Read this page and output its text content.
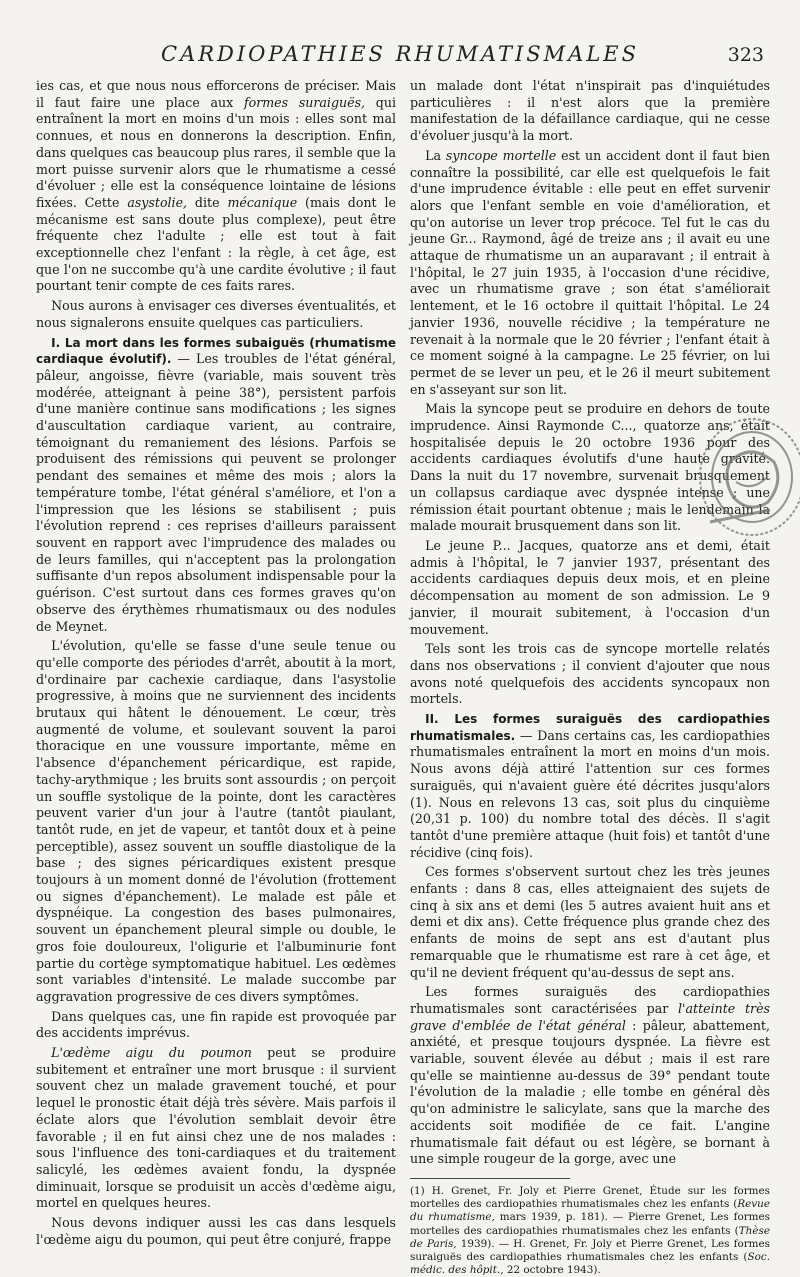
CARDIOPATHIES RHUMATISMALES	323

ies cas, et que nous nous efforcerons de préciser. Mais il faut faire une place aux formes suraiguës, qui entraînent la mort en moins d'un mois : elles sont mal connues, et nous en donnerons la description. Enfin, dans quelques cas beaucoup plus rares, il semble que la mort puisse survenir alors que le rhumatisme a cessé d'évoluer ; elle est la conséquence lointaine de lésions fixées. Cette asystolie, dite mécanique (mais dont le mécanisme est sans doute plus complexe), peut être fréquente chez l'adulte ; elle est tout à fait exceptionnelle chez l'enfant : la règle, à cet âge, est que l'on ne succombe qu'à une cardite évolutive ; il faut pourtant tenir compte de ces faits rares.

Nous aurons à envisager ces diverses éventualités, et nous signalerons ensuite quelques cas particuliers.

I. La mort dans les formes subaiguës (rhumatisme cardiaque évolutif). — Les troubles de l'état général, pâleur, angoisse, fièvre (variable, mais souvent très modérée, atteignant à peine 38°), persistent parfois d'une manière continue sans modifications ; les signes d'auscultation cardiaque varient, au contraire, témoignant du remaniement des lésions. Parfois se produisent des rémissions qui peuvent se prolonger pendant des semaines et même des mois ; alors la température tombe, l'état général s'améliore, et l'on a l'impression que les lésions se stabilisent ; puis l'évolution reprend : ces reprises d'ailleurs paraissent souvent en rapport avec l'imprudence des malades ou de leurs familles, qui n'acceptent pas la prolongation suffisante d'un repos absolument indispensable pour la guérison. C'est surtout dans ces formes graves qu'on observe des érythèmes rhumatismaux ou des nodules de Meynet.

L'évolution, qu'elle se fasse d'une seule tenue ou qu'elle comporte des périodes d'arrêt, aboutit à la mort, d'ordinaire par cachexie cardiaque, dans l'asystolie progressive, à moins que ne surviennent des incidents brutaux qui hâtent le dénouement. Le cœur, très augmenté de volume, et soulevant souvent la paroi thoracique en une voussure importante, même en l'absence d'épanchement péricardique, est rapide, tachy-arythmique ; les bruits sont assourdis ; on perçoit un souffle systolique de la pointe, dont les caractères peuvent varier d'un jour à l'autre (tantôt piaulant, tantôt rude, en jet de vapeur, et tantôt doux et à peine perceptible), assez souvent un souffle diastolique de la base ; des signes péricardiques existent presque toujours à un moment donné de l'évolution (frottement ou signes d'épanchement). Le malade est pâle et dyspnéique. La congestion des bases pulmonaires, souvent un épanchement pleural simple ou double, le gros foie douloureux, l'oligurie et l'albuminurie font partie du cortège symptomatique habituel. Les œdèmes sont variables d'intensité. Le malade succombe par aggravation progressive de ces divers symptômes.

Dans quelques cas, une fin rapide est provoquée par des accidents imprévus.

L'œdème aigu du poumon peut se produire subitement et entraîner une mort brusque : il survient souvent chez un malade gravement touché, et pour lequel le pronostic était déjà très sévère. Mais parfois il éclate alors que l'évolution semblait devoir être favorable ; il en fut ainsi chez une de nos malades : sous l'influence des toni-cardiaques et du traitement salicylé, les œdèmes avaient fondu, la dyspnée diminuait, lorsque se produisit un accès d'œdème aigu, mortel en quelques heures.

Nous devons indiquer aussi les cas dans lesquels l'œdème aigu du poumon, qui peut être conjuré, frappe

un malade dont l'état n'inspirait pas d'inquiétudes particulières : il n'est alors que la première manifestation de la défaillance cardiaque, qui ne cesse d'évoluer jusqu'à la mort.

La syncope mortelle est un accident dont il faut bien connaître la possibilité, car elle est quelquefois le fait d'une imprudence évitable : elle peut en effet survenir alors que l'enfant semble en voie d'amélioration, et qu'on autorise un lever trop précoce. Tel fut le cas du jeune Gr... Raymond, âgé de treize ans ; il avait eu une attaque de rhumatisme un an auparavant ; il entrait à l'hôpital, le 27 juin 1935, à l'occasion d'une récidive, avec un rhumatisme grave ; son état s'améliorait lentement, et le 16 octobre il quittait l'hôpital. Le 24 janvier 1936, nouvelle récidive ; la température ne revenait à la normale que le 20 février ; l'enfant était à ce moment soigné à la campagne. Le 25 février, on lui permet de se lever un peu, et le 26 il meurt subitement en s'asseyant sur son lit.

Mais la syncope peut se produire en dehors de toute imprudence. Ainsi Raymonde C..., quatorze ans, était hospitalisée depuis le 20 octobre 1936 pour des accidents cardiaques évolutifs d'une haute gravité. Dans la nuit du 17 novembre, survenait brusquement un collapsus cardiaque avec dyspnée intense ; une rémission était pourtant obtenue ; mais le lendemain la malade mourait brusquement dans son lit.

Le jeune P... Jacques, quatorze ans et demi, était admis à l'hôpital, le 7 janvier 1937, présentant des accidents cardiaques depuis deux mois, et en pleine décompensation au moment de son admission. Le 9 janvier, il mourait subitement, à l'occasion d'un mouvement.

Tels sont les trois cas de syncope mortelle relatés dans nos observations ; il convient d'ajouter que nous avons noté quelquefois des accidents syncopaux non mortels.

II. Les formes suraiguës des cardiopathies rhumatismales. — Dans certains cas, les cardiopathies rhumatismales entraînent la mort en moins d'un mois. Nous avons déjà attiré l'attention sur ces formes suraiguës, qui n'avaient guère été décrites jusqu'alors (1). Nous en relevons 13 cas, soit plus du cinquième (20,31 p. 100) du nombre total des décès. Il s'agit tantôt d'une première attaque (huit fois) et tantôt d'une récidive (cinq fois).

Ces formes s'observent surtout chez les très jeunes enfants : dans 8 cas, elles atteignaient des sujets de cinq à six ans et demi (les 5 autres avaient huit ans et demi et dix ans). Cette fréquence plus grande chez des enfants de moins de sept ans est d'autant plus remarquable que le rhumatisme est rare à cet âge, et qu'il ne devient fréquent qu'au-dessus de sept ans.

Les formes suraiguës des cardiopathies rhumatismales sont caractérisées par l'atteinte très grave d'emblée de l'état général : pâleur, abattement, anxiété, et presque toujours dyspnée. La fièvre est variable, souvent élevée au début ; mais il est rare qu'elle se maintienne au-dessus de 39° pendant toute l'évolution de la maladie ; elle tombe en général dès qu'on administre le salicylate, sans que la marche des accidents soit modifiée de ce fait. L'angine rhumatismale fait défaut ou est légère, se bornant à une simple rougeur de la gorge, avec une

(1) H. Grenet, Fr. Joly et Pierre Grenet, Étude sur les formes mortelles des cardiopathies rhumatismales chez les enfants (Revue du rhumatisme, mars 1939, p. 181). — Pierre Grenet, Les formes mortelles des cardiopathies rhumatismales chez les enfants (Thèse de Paris, 1939). — H. Grenet, Fr. Joly et Pierre Grenet, Les formes suraiguës des cardiopathies rhumatismales chez les enfants (Soc. médic. des hôpit., 22 octobre 1943).
